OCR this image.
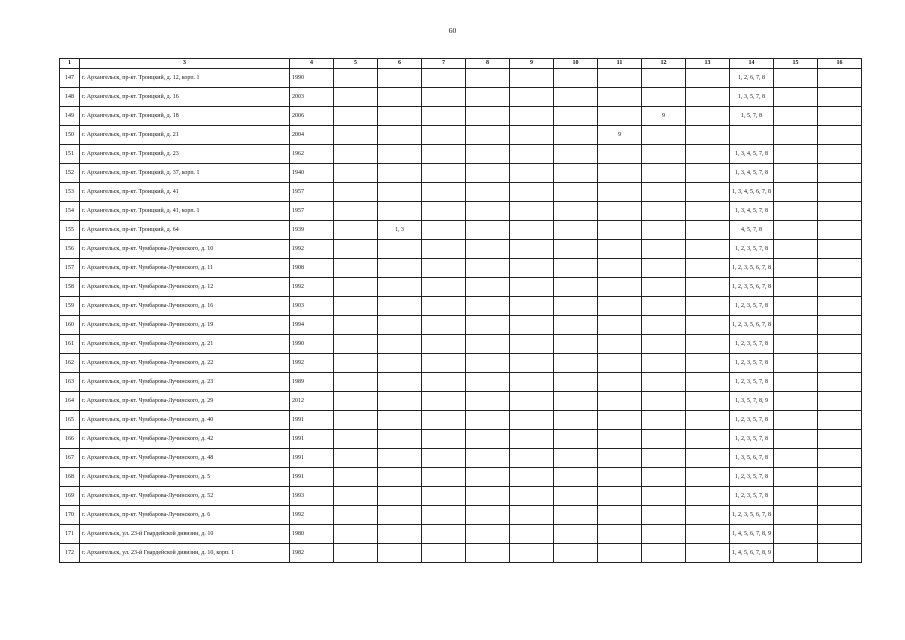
60
1	3	4	5	6	7	8	9	10	11	12	13	14	15	16
147	г. Архангельск, пр-кт. Троицкий, д. 12, корп. 1	1990										1, 2, 6, 7, 8		
148	г. Архангельск, пр-кт. Троицкий, д. 16	2003										1, 3, 5, 7, 8		
149	г. Архангельск, пр-кт. Троицкий, д. 18	2006								9		1, 5, 7, 8		
150	г. Архангельск, пр-кт. Троицкий, д. 21	2004							9					
151	г. Архангельск, пр-кт. Троицкий, д. 23	1962										1, 3, 4, 5, 7, 8		
152	г. Архангельск, пр-кт. Троицкий, д. 37, корп. 1	1940										1, 3, 4, 5, 7, 8		
153	г. Архангельск, пр-кт. Троицкий, д. 41	1957										1, 3, 4, 5, 6, 7, 8		
154	г. Архангельск, пр-кт. Троицкий, д. 41, корп. 1	1957										1, 3, 4, 5, 7, 8		
155	г. Архангельск, пр-кт. Троицкий, д. 64	1939		1, 3								4, 5, 7, 8		
156	г. Архангельск, пр-кт. Чумбарова-Лучинского, д. 10	1992										1, 2, 3, 5, 7, 8		
157	г. Архангельск, пр-кт. Чумбарова-Лучинского, д. 11	1908										1, 2, 3, 5, 6, 7, 8		
158	г. Архангельск, пр-кт. Чумбарова-Лучинского, д. 12	1992										1, 2, 3, 5, 6, 7, 8		
159	г. Архангельск, пр-кт. Чумбарова-Лучинского, д. 16	1903										1, 2, 3, 5, 7, 8		
160	г. Архангельск, пр-кт. Чумбарова-Лучинского, д. 19	1994										1, 2, 3, 5, 6, 7, 8		
161	г. Архангельск, пр-кт. Чумбарова-Лучинского, д. 21	1990										1, 2, 3, 5, 7, 8		
162	г. Архангельск, пр-кт. Чумбарова-Лучинского, д. 22	1992										1, 2, 3, 5, 7, 8		
163	г. Архангельск, пр-кт. Чумбарова-Лучинского, д. 23	1989										1, 2, 3, 5, 7, 8		
164	г. Архангельск, пр-кт. Чумбарова-Лучинского, д. 29	2012										1, 3, 5, 7, 8, 9		
165	г. Архангельск, пр-кт. Чумбарова-Лучинского, д. 40	1991										1, 2, 3, 5, 7, 8		
166	г. Архангельск, пр-кт. Чумбарова-Лучинского, д. 42	1991										1, 2, 3, 5, 7, 8		
167	г. Архангельск, пр-кт. Чумбарова-Лучинского, д. 48	1991										1, 3, 5, 6, 7, 8		
168	г. Архангельск, пр-кт. Чумбарова-Лучинского, д. 5	1991										1, 2, 3, 5, 7, 8		
169	г. Архангельск, пр-кт. Чумбарова-Лучинского, д. 52	1993										1, 2, 3, 5, 7, 8		
170	г. Архангельск, пр-кт. Чумбарова-Лучинского, д. 6	1992										1, 2, 3, 5, 6, 7, 8		
171	г. Архангельск, ул. 23-й Гвардейской дивизии, д. 10	1980										1, 4, 5, 6, 7, 8, 9		
172	г. Архангельск, ул. 23-й Гвардейской дивизии, д. 10, корп. 1	1982										1, 4, 5, 6, 7, 8, 9		
